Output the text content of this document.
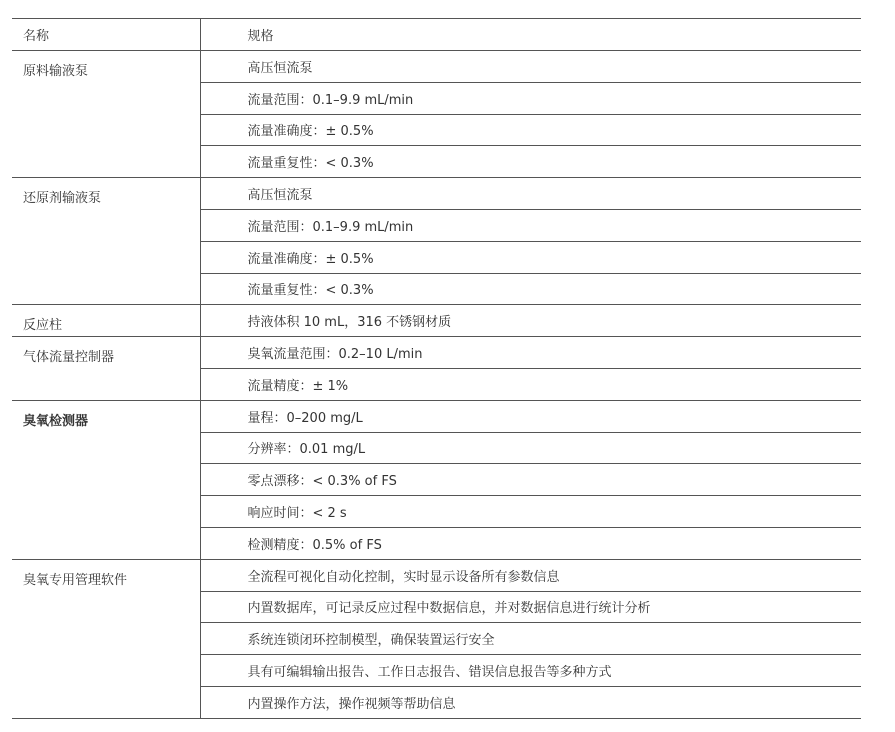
名称	规格
原料输液泵	高压恒流泵
	流量范围：0.1–9.9 mL/min
	流量准确度：± 0.5%
	流量重复性：< 0.3%
还原剂输液泵	高压恒流泵
	流量范围：0.1–9.9 mL/min
	流量准确度：± 0.5%
	流量重复性：< 0.3%
反应柱	持液体积 10 mL，316 不锈钢材质
气体流量控制器	臭氧流量范围：0.2–10 L/min
	流量精度：± 1%
臭氧检测器	量程：0–200 mg/L
	分辨率：0.01 mg/L
	零点漂移：< 0.3% of FS
	响应时间：< 2 s
	检测精度：0.5% of FS
臭氧专用管理软件	全流程可视化自动化控制，实时显示设备所有参数信息
	内置数据库，可记录反应过程中数据信息，并对数据信息进行统计分析
	系统连锁闭环控制模型，确保装置运行安全
	具有可编辑输出报告、工作日志报告、错误信息报告等多种方式
	内置操作方法，操作视频等帮助信息
